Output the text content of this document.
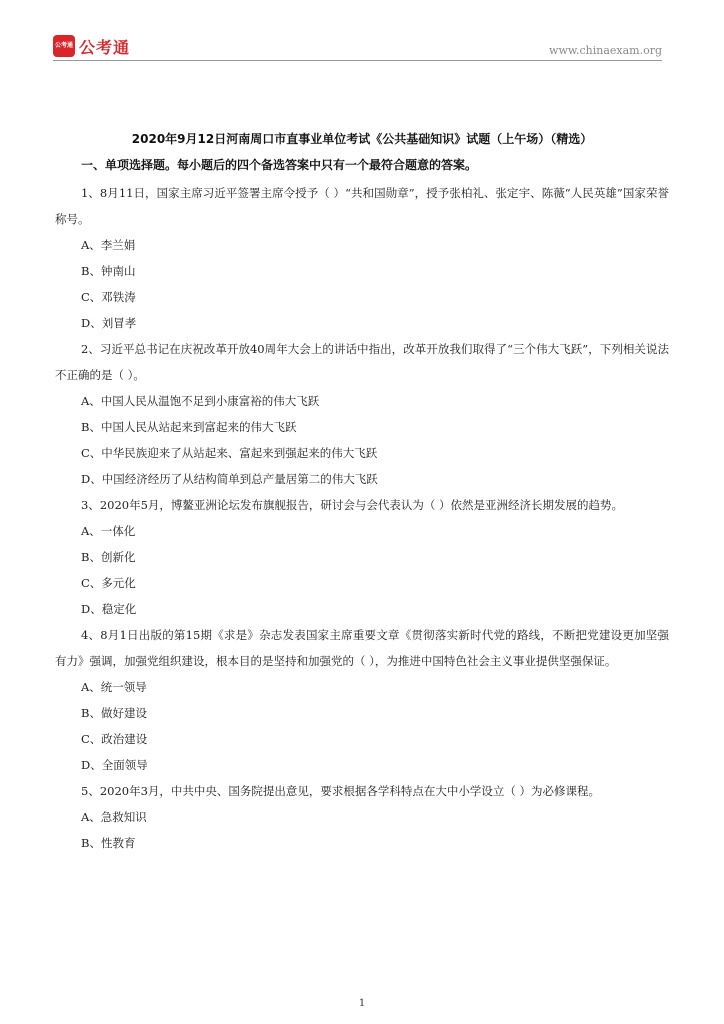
公考通 公考通	www.chinaexam.org

2020年9月12日河南周口市直事业单位考试《公共基础知识》试题（上午场）（精选）

一、单项选择题。每小题后的四个备选答案中只有一个最符合题意的答案。

1、8月11日，国家主席习近平签署主席令授予（ ）“共和国勋章”，授予张柏礼、张定宇、陈薇“人民英雄”国家荣誉称号。

A、李兰娟

B、钟南山

C、邓铁涛

D、刘冒孝

2、习近平总书记在庆祝改革开放40周年大会上的讲话中指出，改革开放我们取得了“三个伟大飞跃”，下列相关说法不正确的是（ ）。

A、中国人民从温饱不足到小康富裕的伟大飞跃

B、中国人民从站起来到富起来的伟大飞跃

C、中华民族迎来了从站起来、富起来到强起来的伟大飞跃

D、中国经济经历了从结构简单到总产量居第二的伟大飞跃

3、2020年5月，博鳌亚洲论坛发布旗舰报告，研讨会与会代表认为（ ）依然是亚洲经济长期发展的趋势。

A、一体化

B、创新化

C、多元化

D、稳定化

4、8月1日出版的第15期《求是》杂志发表国家主席重要文章《贯彻落实新时代党的路线，不断把党建设更加坚强有力》强调，加强党组织建设，根本目的是坚持和加强党的（ ），为推进中国特色社会主义事业提供坚强保证。

A、统一领导

B、做好建设

C、政治建设

D、全面领导

5、2020年3月，中共中央、国务院提出意见，要求根据各学科特点在大中小学设立（ ）为必修课程。

A、急救知识

B、性教育

1
